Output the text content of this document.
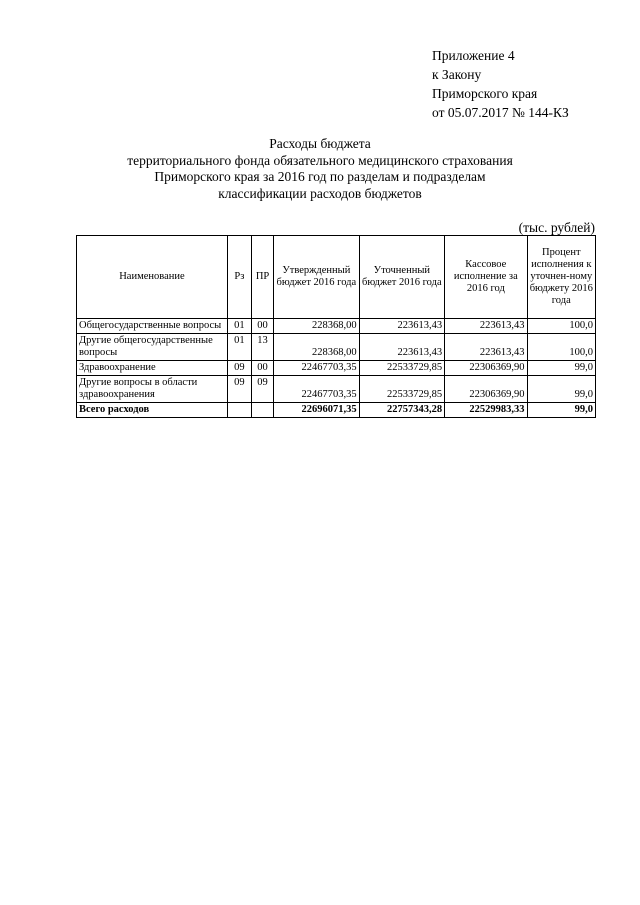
Приложение 4
к Закону
Приморского края
от 05.07.2017 № 144-КЗ
Расходы бюджета
территориального фонда обязательного медицинского страхования
Приморского края за 2016 год по разделам и подразделам
классификации расходов бюджетов
(тыс. рублей)
Наименование	Рз	ПР	Утвержденный бюджет 2016 года	Уточненный бюджет 2016 года	Кассовое исполнение за 2016 год	Процент исполнения к уточнен-ному бюджету 2016 года
Общегосударственные вопросы	01	00	228368,00	223613,43	223613,43	100,0
Другие общегосударственные вопросы	01	13	228368,00	223613,43	223613,43	100,0
Здравоохранение	09	00	22467703,35	22533729,85	22306369,90	99,0
Другие вопросы в области здравоохранения	09	09	22467703,35	22533729,85	22306369,90	99,0
Всего расходов			22696071,35	22757343,28	22529983,33	99,0
